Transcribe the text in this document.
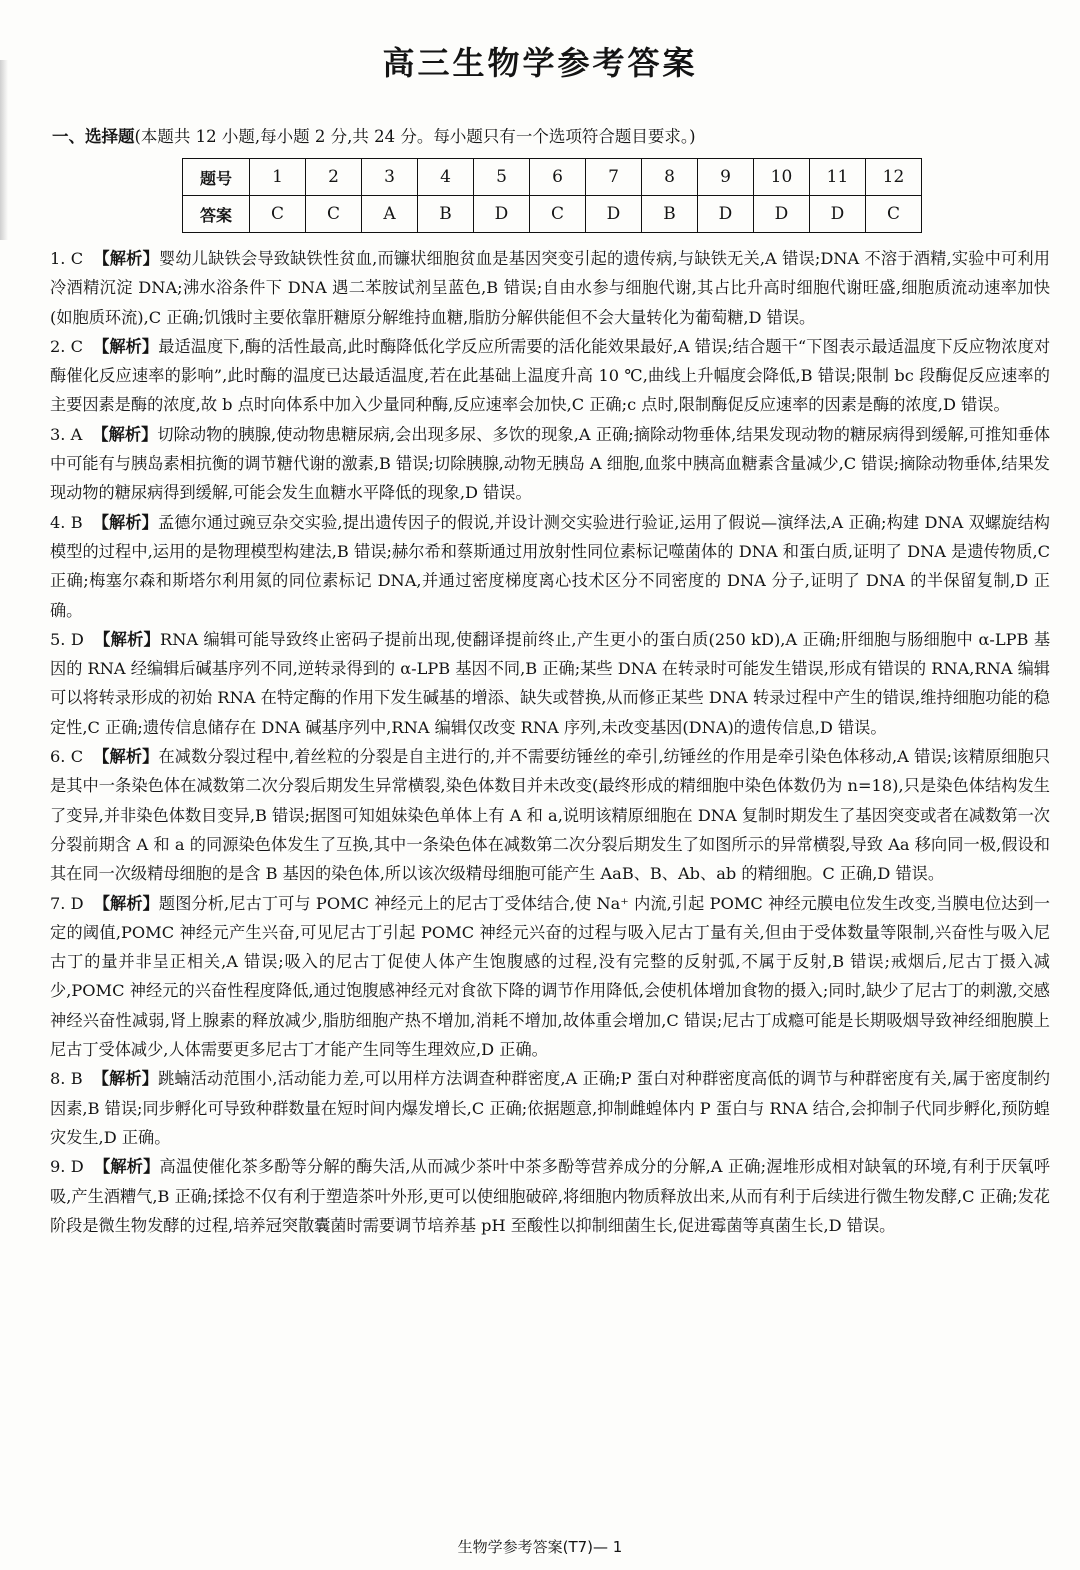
高三生物学参考答案
一、选择题(本题共 12 小题,每小题 2 分,共 24 分。每小题只有一个选项符合题目要求。)
题号	1	2	3	4	5	6	7	8	9	10	11	12
答案	C	C	A	B	D	C	D	B	D	D	D	C
1. C 【解析】婴幼儿缺铁会导致缺铁性贫血,而镰状细胞贫血是基因突变引起的遗传病,与缺铁无关,A 错误;DNA 不溶于酒精,实验中可利用冷酒精沉淀 DNA;沸水浴条件下 DNA 遇二苯胺试剂呈蓝色,B 错误;自由水参与细胞代谢,其占比升高时细胞代谢旺盛,细胞质流动速率加快(如胞质环流),C 正确;饥饿时主要依靠肝糖原分解维持血糖,脂肪分解供能但不会大量转化为葡萄糖,D 错误。
2. C 【解析】最适温度下,酶的活性最高,此时酶降低化学反应所需要的活化能效果最好,A 错误;结合题干“下图表示最适温度下反应物浓度对酶催化反应速率的影响”,此时酶的温度已达最适温度,若在此基础上温度升高 10 ℃,曲线上升幅度会降低,B 错误;限制 bc 段酶促反应速率的主要因素是酶的浓度,故 b 点时向体系中加入少量同种酶,反应速率会加快,C 正确;c 点时,限制酶促反应速率的因素是酶的浓度,D 错误。
3. A 【解析】切除动物的胰腺,使动物患糖尿病,会出现多尿、多饮的现象,A 正确;摘除动物垂体,结果发现动物的糖尿病得到缓解,可推知垂体中可能有与胰岛素相抗衡的调节糖代谢的激素,B 错误;切除胰腺,动物无胰岛 A 细胞,血浆中胰高血糖素含量减少,C 错误;摘除动物垂体,结果发现动物的糖尿病得到缓解,可能会发生血糖水平降低的现象,D 错误。
4. B 【解析】孟德尔通过豌豆杂交实验,提出遗传因子的假说,并设计测交实验进行验证,运用了假说—演绎法,A 正确;构建 DNA 双螺旋结构模型的过程中,运用的是物理模型构建法,B 错误;赫尔希和蔡斯通过用放射性同位素标记噬菌体的 DNA 和蛋白质,证明了 DNA 是遗传物质,C 正确;梅塞尔森和斯塔尔利用氮的同位素标记 DNA,并通过密度梯度离心技术区分不同密度的 DNA 分子,证明了 DNA 的半保留复制,D 正确。
5. D 【解析】RNA 编辑可能导致终止密码子提前出现,使翻译提前终止,产生更小的蛋白质(250 kD),A 正确;肝细胞与肠细胞中 α-LPB 基因的 RNA 经编辑后碱基序列不同,逆转录得到的 α-LPB 基因不同,B 正确;某些 DNA 在转录时可能发生错误,形成有错误的 RNA,RNA 编辑可以将转录形成的初始 RNA 在特定酶的作用下发生碱基的增添、缺失或替换,从而修正某些 DNA 转录过程中产生的错误,维持细胞功能的稳定性,C 正确;遗传信息储存在 DNA 碱基序列中,RNA 编辑仅改变 RNA 序列,未改变基因(DNA)的遗传信息,D 错误。
6. C 【解析】在减数分裂过程中,着丝粒的分裂是自主进行的,并不需要纺锤丝的牵引,纺锤丝的作用是牵引染色体移动,A 错误;该精原细胞只是其中一条染色体在减数第二次分裂后期发生异常横裂,染色体数目并未改变(最终形成的精细胞中染色体数仍为 n=18),只是染色体结构发生了变异,并非染色体数目变异,B 错误;据图可知姐妹染色单体上有 A 和 a,说明该精原细胞在 DNA 复制时期发生了基因突变或者在减数第一次分裂前期含 A 和 a 的同源染色体发生了互换,其中一条染色体在减数第二次分裂后期发生了如图所示的异常横裂,导致 Aa 移向同一极,假设和其在同一次级精母细胞的是含 B 基因的染色体,所以该次级精母细胞可能产生 AaB、B、Ab、ab 的精细胞。C 正确,D 错误。
7. D 【解析】题图分析,尼古丁可与 POMC 神经元上的尼古丁受体结合,使 Na⁺ 内流,引起 POMC 神经元膜电位发生改变,当膜电位达到一定的阈值,POMC 神经元产生兴奋,可见尼古丁引起 POMC 神经元兴奋的过程与吸入尼古丁量有关,但由于受体数量等限制,兴奋性与吸入尼古丁的量并非呈正相关,A 错误;吸入的尼古丁促使人体产生饱腹感的过程,没有完整的反射弧,不属于反射,B 错误;戒烟后,尼古丁摄入减少,POMC 神经元的兴奋性程度降低,通过饱腹感神经元对食欲下降的调节作用降低,会使机体增加食物的摄入;同时,缺少了尼古丁的刺激,交感神经兴奋性减弱,肾上腺素的释放减少,脂肪细胞产热不增加,消耗不增加,故体重会增加,C 错误;尼古丁成瘾可能是长期吸烟导致神经细胞膜上尼古丁受体减少,人体需要更多尼古丁才能产生同等生理效应,D 正确。
8. B 【解析】跳蝻活动范围小,活动能力差,可以用样方法调查种群密度,A 正确;P 蛋白对种群密度高低的调节与种群密度有关,属于密度制约因素,B 错误;同步孵化可导致种群数量在短时间内爆发增长,C 正确;依据题意,抑制雌蝗体内 P 蛋白与 RNA 结合,会抑制子代同步孵化,预防蝗灾发生,D 正确。
9. D 【解析】高温使催化茶多酚等分解的酶失活,从而减少茶叶中茶多酚等营养成分的分解,A 正确;渥堆形成相对缺氧的环境,有利于厌氧呼吸,产生酒糟气,B 正确;揉捻不仅有利于塑造茶叶外形,更可以使细胞破碎,将细胞内物质释放出来,从而有利于后续进行微生物发酵,C 正确;发花阶段是微生物发酵的过程,培养冠突散囊菌时需要调节培养基 pH 至酸性以抑制细菌生长,促进霉菌等真菌生长,D 错误。
生物学参考答案(T7)— 1
